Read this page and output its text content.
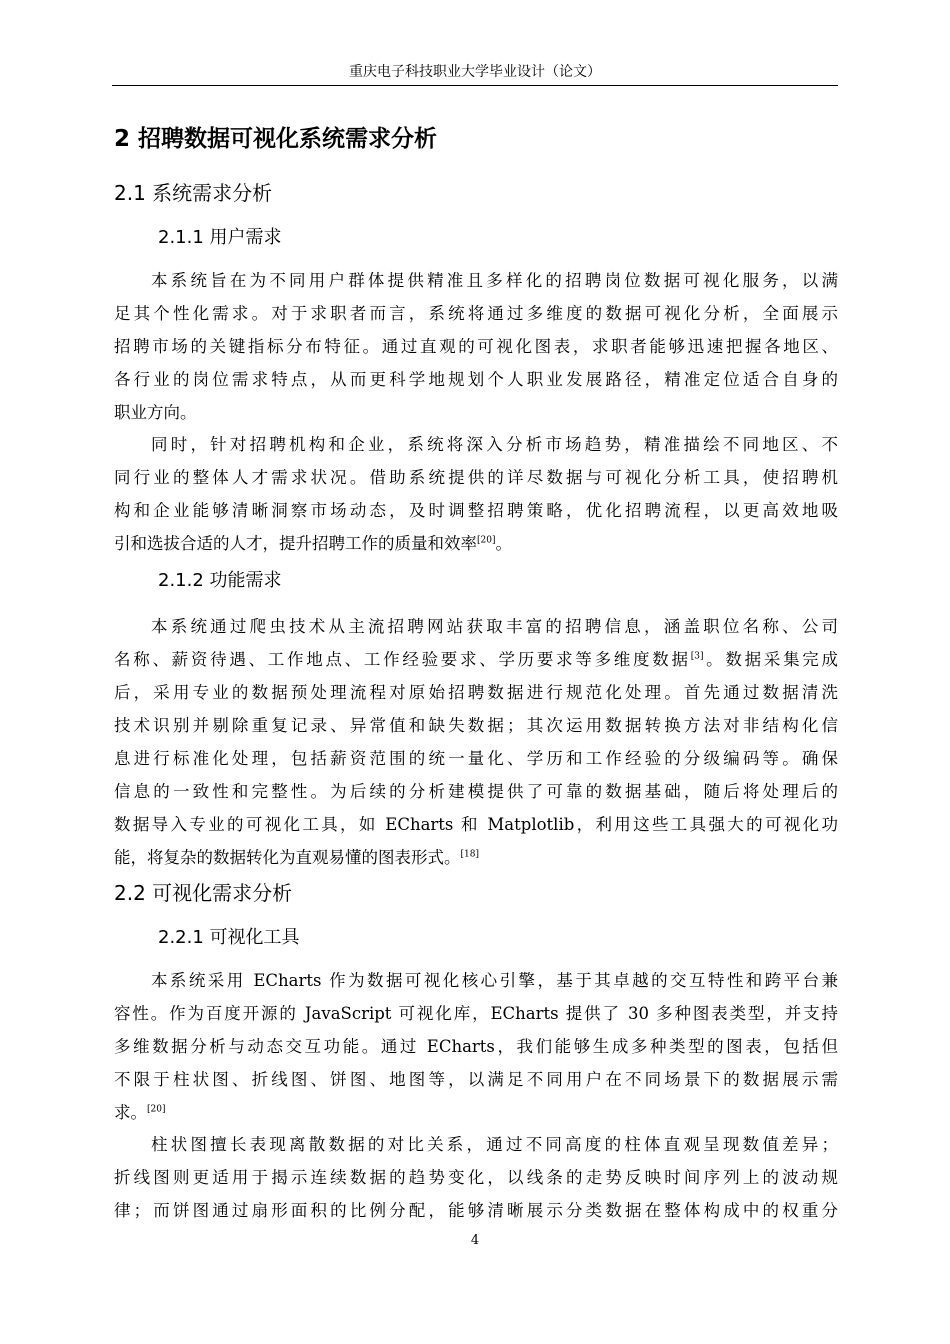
重庆电子科技职业大学毕业设计（论文）
2 招聘数据可视化系统需求分析
2.1 系统需求分析
2.1.1 用户需求
本系统旨在为不同用户群体提供精准且多样化的招聘岗位数据可视化服务，以满
足其个性化需求。对于求职者而言，系统将通过多维度的数据可视化分析，全面展示
招聘市场的关键指标分布特征。通过直观的可视化图表，求职者能够迅速把握各地区、
各行业的岗位需求特点，从而更科学地规划个人职业发展路径，精准定位适合自身的
职业方向。
同时，针对招聘机构和企业，系统将深入分析市场趋势，精准描绘不同地区、不
同行业的整体人才需求状况。借助系统提供的详尽数据与可视化分析工具，使招聘机
构和企业能够清晰洞察市场动态，及时调整招聘策略，优化招聘流程，以更高效地吸
引和选拔合适的人才，提升招聘工作的质量和效率[20]。
2.1.2 功能需求
本系统通过爬虫技术从主流招聘网站获取丰富的招聘信息，涵盖职位名称、公司
名称、薪资待遇、工作地点、工作经验要求、学历要求等多维度数据[3]。数据采集完成
后，采用专业的数据预处理流程对原始招聘数据进行规范化处理。首先通过数据清洗
技术识别并剔除重复记录、异常值和缺失数据；其次运用数据转换方法对非结构化信
息进行标准化处理，包括薪资范围的统一量化、学历和工作经验的分级编码等。确保
信息的一致性和完整性。为后续的分析建模提供了可靠的数据基础，随后将处理后的
数据导入专业的可视化工具，如 ECharts 和 Matplotlib，利用这些工具强大的可视化功
能，将复杂的数据转化为直观易懂的图表形式。[18]
2.2 可视化需求分析
2.2.1 可视化工具
本系统采用 ECharts 作为数据可视化核心引擎，基于其卓越的交互特性和跨平台兼
容性。作为百度开源的 JavaScript 可视化库，ECharts 提供了 30 多种图表类型，并支持
多维数据分析与动态交互功能。通过 ECharts，我们能够生成多种类型的图表，包括但
不限于柱状图、折线图、饼图、地图等，以满足不同用户在不同场景下的数据展示需
求。[20]
柱状图擅长表现离散数据的对比关系，通过不同高度的柱体直观呈现数值差异；
折线图则更适用于揭示连续数据的趋势变化，以线条的走势反映时间序列上的波动规
律；而饼图通过扇形面积的比例分配，能够清晰展示分类数据在整体构成中的权重分
4
